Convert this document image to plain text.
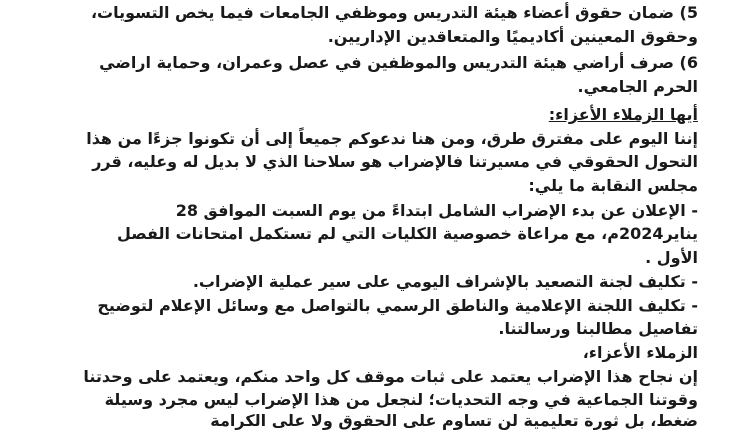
5) ضمان حقوق أعضاء هيئة التدريس وموظفي الجامعات فيما يخص التسويات،
وحقوق المعينين أكاديميًا والمتعاقدين الإداريين.
6) صرف أراضي هيئة التدريس والموظفين في عصل وعمران، وحماية اراضي
الحرم الجامعي.
أيها الزملاء الأعزاء:
إننا اليوم على مفترق طرق، ومن هنا ندعوكم جميعاً إلى أن تكونوا جزءًا من هذا
التحول الحقوقي في مسيرتنا فالإضراب هو سلاحنا الذي لا بديل له وعليه، قرر
مجلس النقابة ما يلي:
- الإعلان عن بدء الإضراب الشامل ابتداءً من يوم السبت الموافق 28
يناير2024م، مع مراعاة خصوصية الكليات التي لم تستكمل امتحانات الفصل
الأول .
- تكليف لجنة التصعيد بالإشراف اليومي على سير عملية الإضراب.
- تكليف اللجنة الإعلامية والناطق الرسمي بالتواصل مع وسائل الإعلام لتوضيح
تفاصيل مطالبنا ورسالتنا.
الزملاء الأعزاء،
إن نجاح هذا الإضراب يعتمد على ثبات موقف كل واحد منكم، ويعتمد على وحدتنا
وقوتنا الجماعية في وجه التحديات؛ لنجعل من هذا الإضراب ليس مجرد وسيلة
ضغط، بل ثورة تعليمية لن تساوم على الحقوق ولا على الكرامة
